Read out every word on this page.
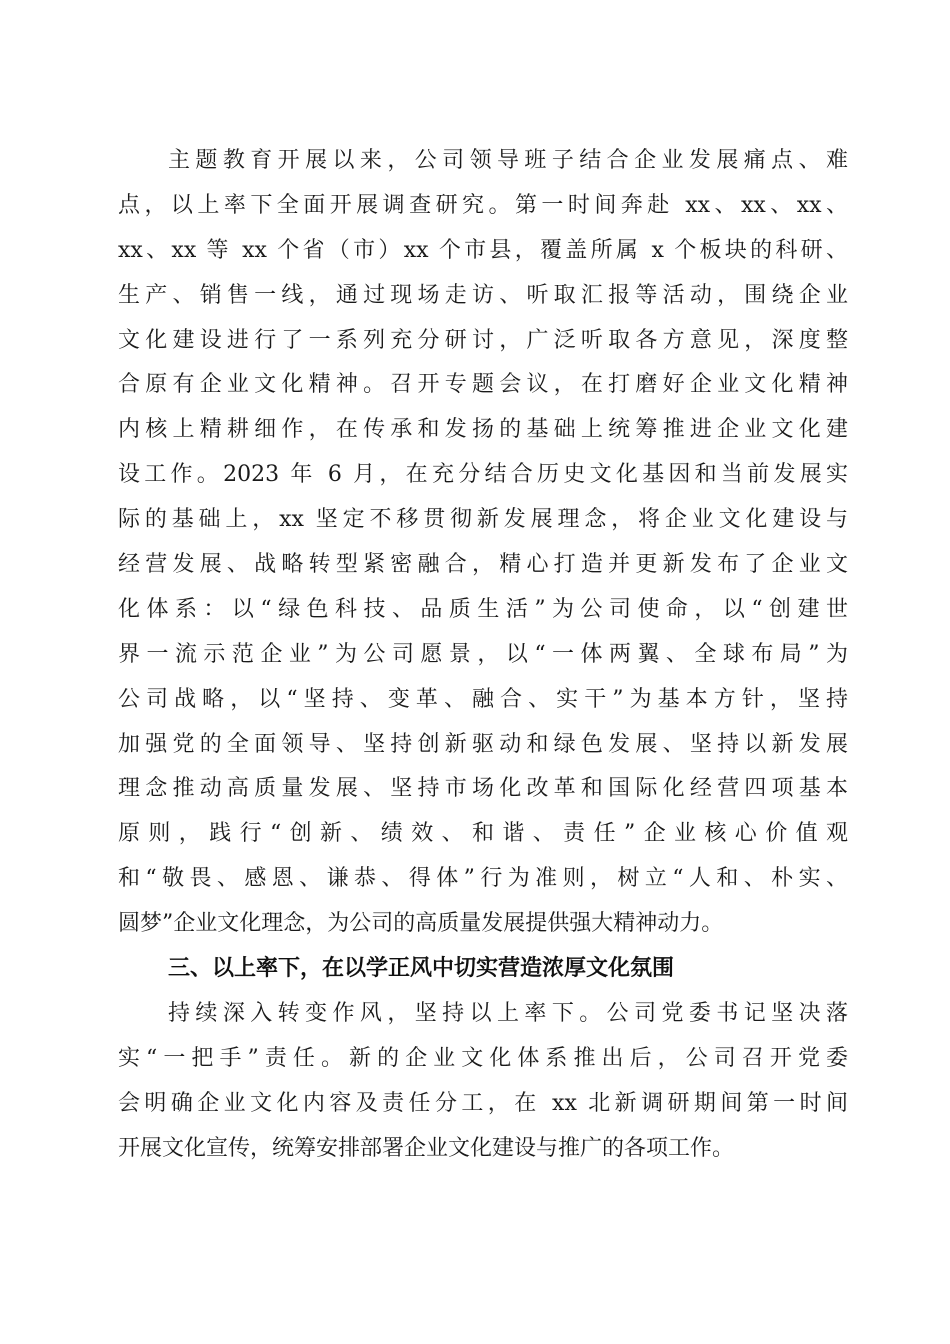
主题教育开展以来，公司领导班子结合企业发展痛点、难
点，以上率下全面开展调查研究。第一时间奔赴 xx、xx、xx、
xx、xx 等 xx 个省（市）xx 个市县，覆盖所属 x 个板块的科研、
生产、销售一线，通过现场走访、听取汇报等活动，围绕企业
文化建设进行了一系列充分研讨，广泛听取各方意见，深度整
合原有企业文化精神。召开专题会议，在打磨好企业文化精神
内核上精耕细作，在传承和发扬的基础上统筹推进企业文化建
设工作。2023 年 6 月，在充分结合历史文化基因和当前发展实
际的基础上，xx 坚定不移贯彻新发展理念，将企业文化建设与
经营发展、战略转型紧密融合，精心打造并更新发布了企业文
化体系：以“绿色科技、品质生活”为公司使命，以“创建世
界一流示范企业”为公司愿景，以“一体两翼、全球布局”为
公司战略，以“坚持、变革、融合、实干”为基本方针，坚持
加强党的全面领导、坚持创新驱动和绿色发展、坚持以新发展
理念推动高质量发展、坚持市场化改革和国际化经营四项基本
原则，践行“创新、绩效、和谐、责任”企业核心价值观
和“敬畏、感恩、谦恭、得体”行为准则，树立“人和、朴实、
圆梦”企业文化理念，为公司的高质量发展提供强大精神动力。
三、以上率下，在以学正风中切实营造浓厚文化氛围
持续深入转变作风，坚持以上率下。公司党委书记坚决落
实“一把手”责任。新的企业文化体系推出后，公司召开党委
会明确企业文化内容及责任分工，在 xx 北新调研期间第一时间
开展文化宣传，统筹安排部署企业文化建设与推广的各项工作。
